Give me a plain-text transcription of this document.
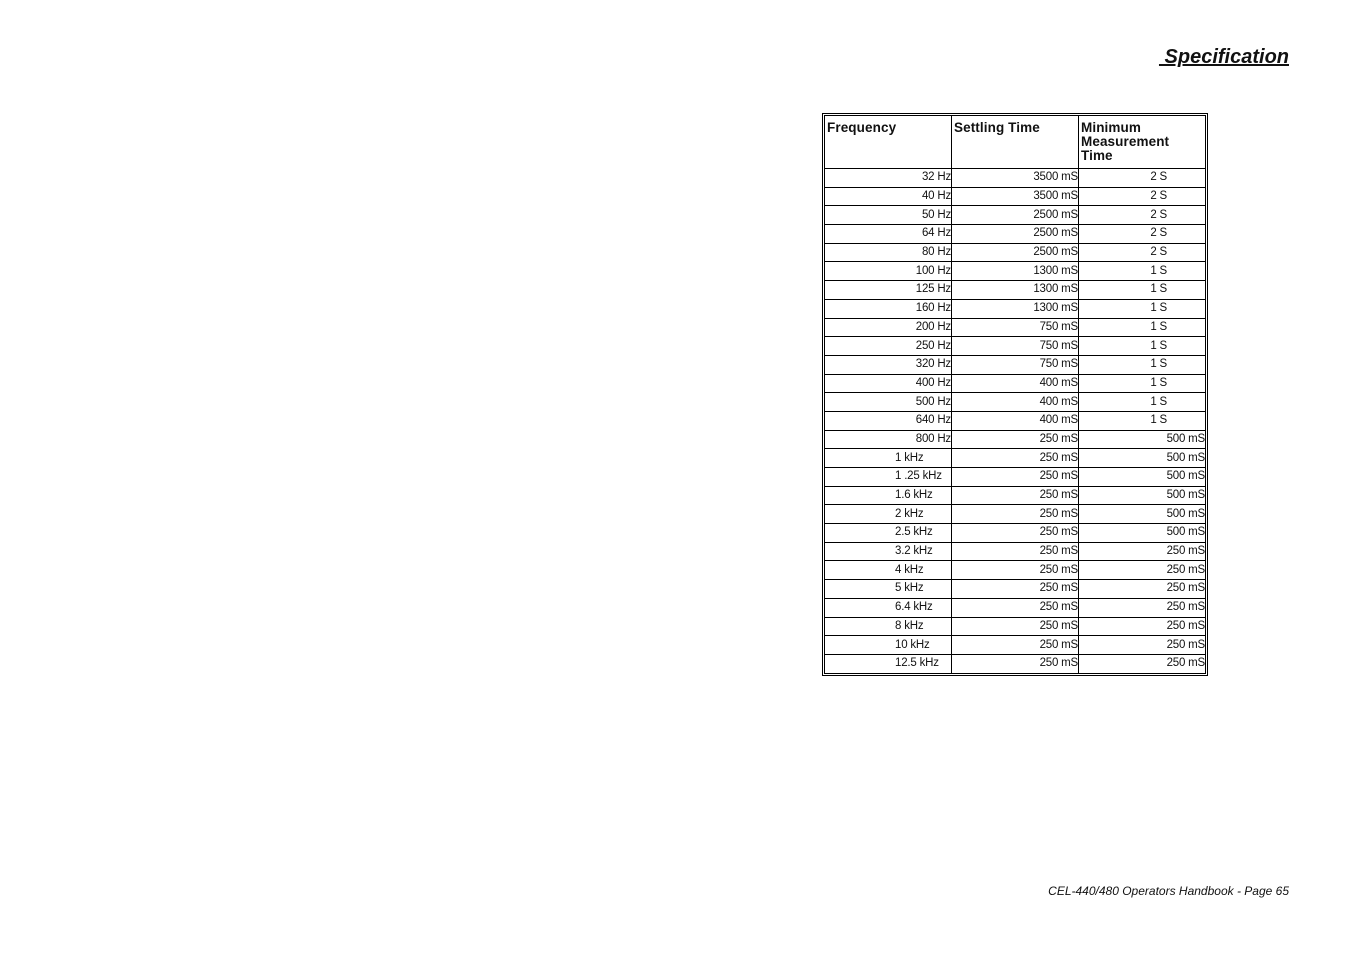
Specification
Frequency	Settling Time	Minimum Measurement Time
32 Hz	3500 mS	2 S
40 Hz	3500 mS	2 S
50 Hz	2500 mS	2 S
64 Hz	2500 mS	2 S
80 Hz	2500 mS	2 S
100 Hz	1300 mS	1 S
125 Hz	1300 mS	1 S
160 Hz	1300 mS	1 S
200 Hz	750 mS	1 S
250 Hz	750 mS	1 S
320 Hz	750 mS	1 S
400 Hz	400 mS	1 S
500 Hz	400 mS	1 S
640 Hz	400 mS	1 S
800 Hz	250 mS	500 mS
1 kHz	250 mS	500 mS
1 .25 kHz	250 mS	500 mS
1.6 kHz	250 mS	500 mS
2 kHz	250 mS	500 mS
2.5 kHz	250 mS	500 mS
3.2 kHz	250 mS	250 mS
4 kHz	250 mS	250 mS
5 kHz	250 mS	250 mS
6.4 kHz	250 mS	250 mS
8 kHz	250 mS	250 mS
10 kHz	250 mS	250 mS
12.5 kHz	250 mS	250 mS
CEL-440/480 Operators Handbook - Page 65
